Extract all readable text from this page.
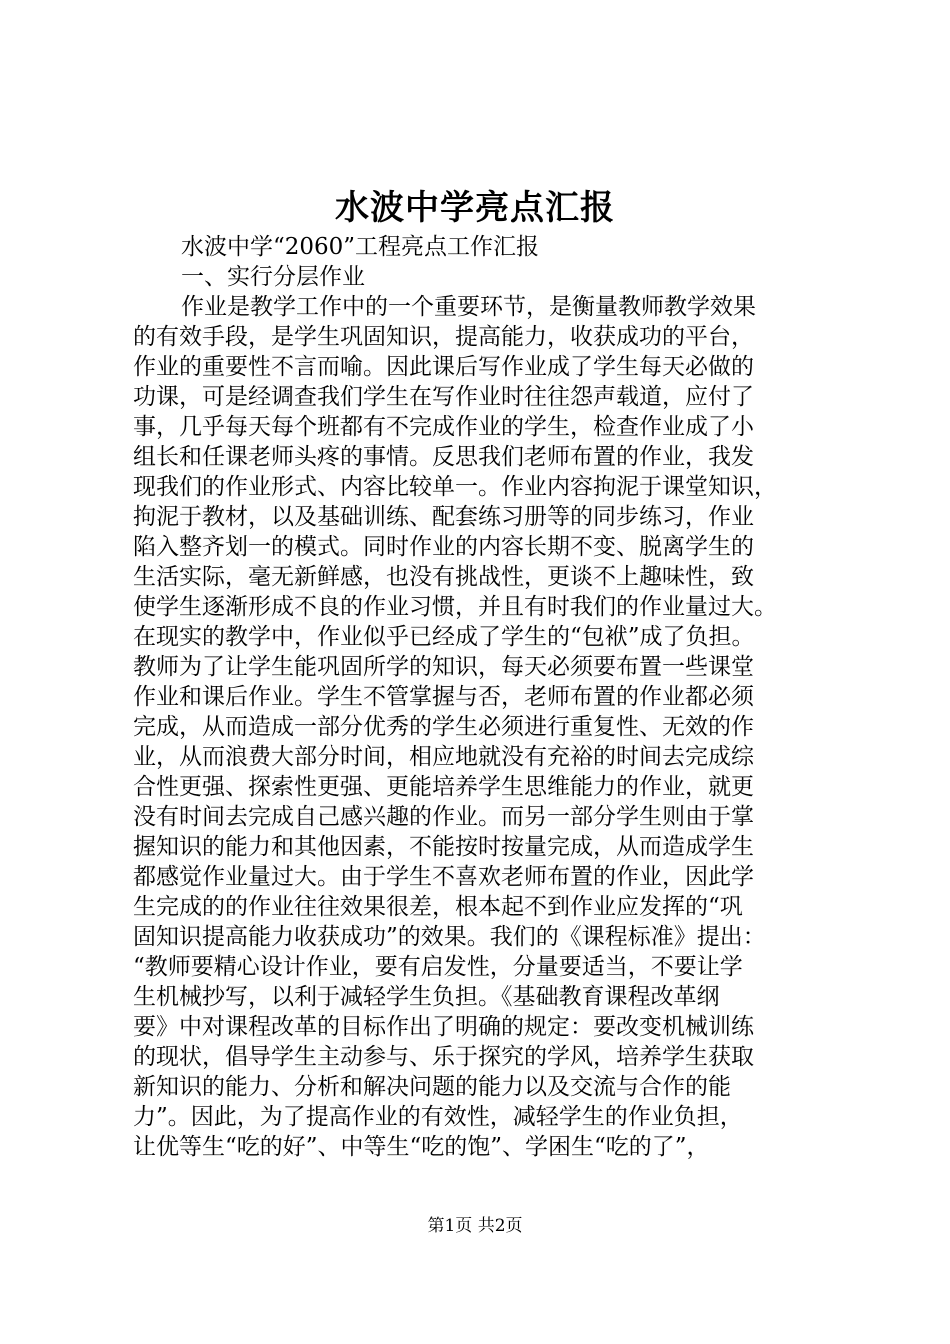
水波中学亮点汇报
水波中学“2060”工程亮点工作汇报
一、实行分层作业
作业是教学工作中的一个重要环节，是衡量教师教学效果
的有效手段，是学生巩固知识，提高能力，收获成功的平台，
作业的重要性不言而喻。因此课后写作业成了学生每天必做的
功课，可是经调查我们学生在写作业时往往怨声载道，应付了
事，几乎每天每个班都有不完成作业的学生，检查作业成了小
组长和任课老师头疼的事情。反思我们老师布置的作业，我发
现我们的作业形式、内容比较单一。作业内容拘泥于课堂知识，
拘泥于教材，以及基础训练、配套练习册等的同步练习，作业
陷入整齐划一的模式。同时作业的内容长期不变、脱离学生的
生活实际，毫无新鲜感，也没有挑战性，更谈不上趣味性，致
使学生逐渐形成不良的作业习惯，并且有时我们的作业量过大。
在现实的教学中，作业似乎已经成了学生的“包袱”成了负担。
教师为了让学生能巩固所学的知识，每天必须要布置一些课堂
作业和课后作业。学生不管掌握与否，老师布置的作业都必须
完成，从而造成一部分优秀的学生必须进行重复性、无效的作
业，从而浪费大部分时间，相应地就没有充裕的时间去完成综
合性更强、探索性更强、更能培养学生思维能力的作业，就更
没有时间去完成自己感兴趣的作业。而另一部分学生则由于掌
握知识的能力和其他因素，不能按时按量完成，从而造成学生
都感觉作业量过大。由于学生不喜欢老师布置的作业，因此学
生完成的的作业往往效果很差，根本起不到作业应发挥的“巩
固知识提高能力收获成功”的效果。我们的《课程标准》提出：
“教师要精心设计作业，要有启发性，分量要适当，不要让学
生机械抄写，以利于减轻学生负担。《基础教育课程改革纲
要》中对课程改革的目标作出了明确的规定：要改变机械训练
的现状，倡导学生主动参与、乐于探究的学风，培养学生获取
新知识的能力、分析和解决问题的能力以及交流与合作的能
力”。因此，为了提高作业的有效性，减轻学生的作业负担，
让优等生“吃的好”、中等生“吃的饱”、学困生“吃的了”，
第1页 共2页
